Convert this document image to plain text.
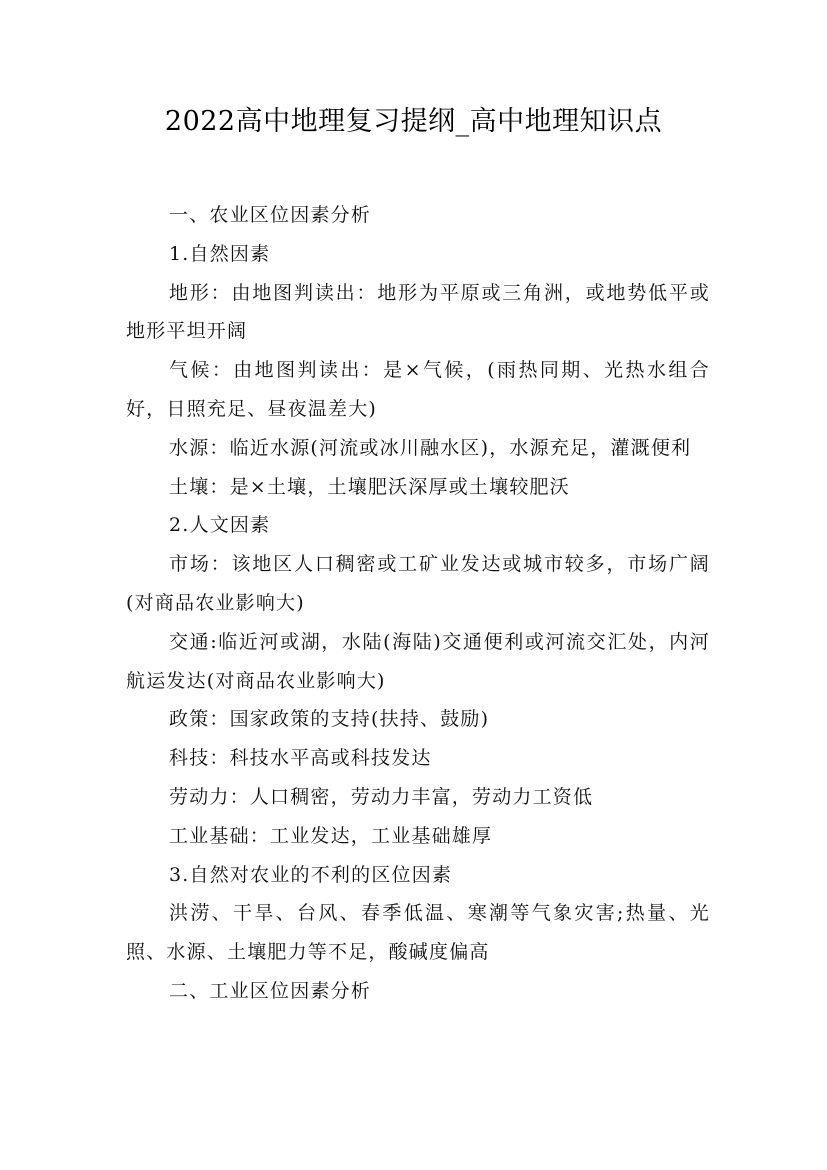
2022高中地理复习提纲_高中地理知识点

一、农业区位因素分析

1.自然因素

地形：由地图判读出：地形为平原或三角洲，或地势低平或地形平坦开阔

气候：由地图判读出：是×气候，(雨热同期、光热水组合好，日照充足、昼夜温差大)

水源：临近水源(河流或冰川融水区)，水源充足，灌溉便利

土壤：是×土壤，土壤肥沃深厚或土壤较肥沃

2.人文因素

市场：该地区人口稠密或工矿业发达或城市较多，市场广阔(对商品农业影响大)

交通:临近河或湖，水陆(海陆)交通便利或河流交汇处，内河航运发达(对商品农业影响大)

政策：国家政策的支持(扶持、鼓励)

科技：科技水平高或科技发达

劳动力：人口稠密，劳动力丰富，劳动力工资低

工业基础：工业发达，工业基础雄厚

3.自然对农业的不利的区位因素

洪涝、干旱、台风、春季低温、寒潮等气象灾害;热量、光照、水源、土壤肥力等不足，酸碱度偏高

二、工业区位因素分析
